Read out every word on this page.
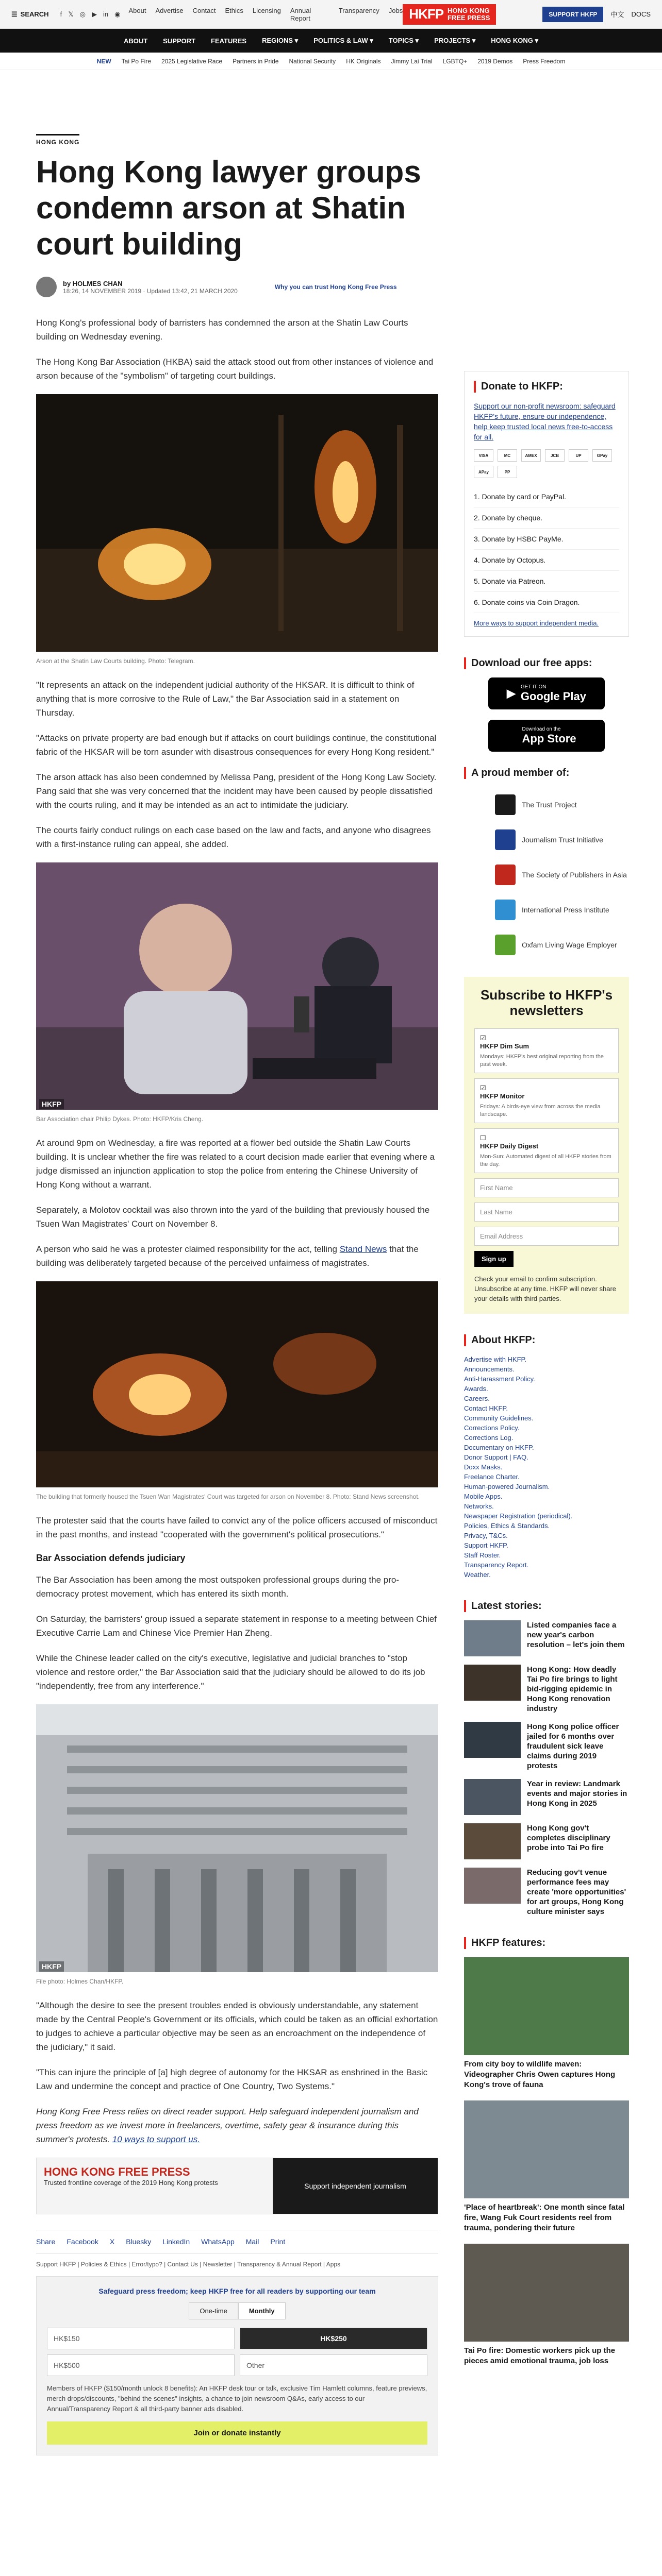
☰ SEARCH f 𝕏 ◎ ▶ in ◉ About Advertise Contact Ethics Licensing Annual Report
Transparency Jobs HKFP HONG KONG
FREE PRESS	SUPPORT HKFP	中文 DOCS
ABOUT SUPPORT FEATURES REGIONS ▾ POLITICS & LAW ▾ TOPICS ▾ PROJECTS ▾ HONG KONG ▾
NEW Tai Po Fire 2025 Legislative Race Partners in Pride National Security HK Originals Jimmy Lai Trial LGBTQ+ 2019 Demos Press Freedom
HONG KONG
Hong Kong lawyer groups condemn arson at Shatin court building
by HOLMES CHAN
18:26, 14 NOVEMBER 2019 · Updated 13:42, 21 MARCH 2020
Why you can trust Hong Kong Free Press

Hong Kong's professional body of barristers has condemned the arson at the Shatin Law Courts building on Wednesday evening.

The Hong Kong Bar Association (HKBA) said the attack stood out from other instances of violence and arson because of the "symbolism" of targeting court buildings.

Arson at the Shatin Law Courts building. Photo: Telegram.

"It represents an attack on the independent judicial authority of the HKSAR. It is difficult to think of anything that is more corrosive to the Rule of Law," the Bar Association said in a statement on Thursday.

"Attacks on private property are bad enough but if attacks on court buildings continue, the constitutional fabric of the HKSAR will be torn asunder with disastrous consequences for every Hong Kong resident."

The arson attack has also been condemned by Melissa Pang, president of the Hong Kong Law Society. Pang said that she was very concerned that the incident may have been caused by people dissatisfied with the courts ruling, and it may be intended as an act to intimidate the judiciary.

The courts fairly conduct rulings on each case based on the law and facts, and anyone who disagrees with a first-instance ruling can appeal, she added.

HKFP
Bar Association chair Philip Dykes. Photo: HKFP/Kris Cheng.

At around 9pm on Wednesday, a fire was reported at a flower bed outside the Shatin Law Courts building. It is unclear whether the fire was related to a court decision made earlier that evening where a judge dismissed an injunction application to stop the police from entering the Chinese University of Hong Kong without a warrant.

Separately, a Molotov cocktail was also thrown into the yard of the building that previously housed the Tsuen Wan Magistrates' Court on November 8.

A person who said he was a protester claimed responsibility for the act, telling Stand News that the building was deliberately targeted because of the perceived unfairness of magistrates.

The building that formerly housed the Tsuen Wan Magistrates' Court was targeted for arson on November 8. Photo: Stand News screenshot.

The protester said that the courts have failed to convict any of the police officers accused of misconduct in the past months, and instead "cooperated with the government's political prosecutions."

Bar Association defends judiciary

The Bar Association has been among the most outspoken professional groups during the pro-democracy protest movement, which has entered its sixth month.

On Saturday, the barristers' group issued a separate statement in response to a meeting between Chief Executive Carrie Lam and Chinese Vice Premier Han Zheng.

While the Chinese leader called on the city's executive, legislative and judicial branches to "stop violence and restore order," the Bar Association said that the judiciary should be allowed to do its job "independently, free from any interference."

HKFP
File photo: Holmes Chan/HKFP.

"Although the desire to see the present troubles ended is obviously understandable, any statement made by the Central People's Government or its officials, which could be taken as an official exhortation to judges to achieve a particular objective may be seen as an encroachment on the independence of the judiciary," it said.

"This can injure the principle of [a] high degree of autonomy for the HKSAR as enshrined in the Basic Law and undermine the concept and practice of One Country, Two Systems."

Hong Kong Free Press relies on direct reader support. Help safeguard independent journalism and press freedom as we invest more in freelancers, overtime, safety gear & insurance during this summer's protests. 10 ways to support us.

HONG KONG FREE PRESS
Trusted frontline coverage of the 2019 Hong Kong protests	Support independent journalism
Share Facebook X Bluesky LinkedIn WhatsApp Mail Print
Support HKFP | Policies & Ethics | Error/typo? | Contact Us | Newsletter | Transparency & Annual Report | Apps
Safeguard press freedom; keep HKFP free for all readers by supporting our team
One-time	Monthly
HK$150	HK$250
HK$500	Other
Members of HKFP ($150/month unlock 8 benefits): An HKFP desk tour or talk, exclusive Tim Hamlett columns, feature previews, merch drops/discounts, "behind the scenes" insights, a chance to join newsroom Q&As, early access to our Annual/Transparency Report & all third-party banner ads disabled.
Join or donate instantly
Donate to HKFP:

Support our non-profit newsroom: safeguard HKFP's future, ensure our independence, help keep trusted local news free-to-access for all.

VISA	MC	AMEX	JCB	UP	GPay
APay	PP
1. Donate by card or PayPal.
2. Donate by cheque.
3. Donate by HSBC PayMe.
4. Donate by Octopus.
5. Donate via Patreon.
6. Donate coins via Coin Dragon.
More ways to support independent media.
Download our free apps:
▶ GET IT ON
Google Play
Download on the
App Store
A proud member of:
The Trust Project
Journalism Trust Initiative
The Society of Publishers in Asia
International Press Institute
Oxfam Living Wage Employer
Subscribe to HKFP's newsletters
☑
HKFP Dim Sum
Mondays: HKFP's best original reporting from the past week.
☑
HKFP Monitor
Fridays: A birds-eye view from across the media landscape.
☐
HKFP Daily Digest
Mon-Sun: Automated digest of all HKFP stories from the day.
First Name
Last Name
Email Address
Sign up
Check your email to confirm subscription. Unsubscribe at any time. HKFP will never share your details with third parties.
About HKFP:
Advertise with HKFP.
Announcements.
Anti-Harassment Policy.
Awards.
Careers.
Contact HKFP.
Community Guidelines.
Corrections Policy.
Corrections Log.
Documentary on HKFP.
Donor Support | FAQ.
Doxx Masks.
Freelance Charter.
Human-powered Journalism.
Mobile Apps.
Networks.
Newspaper Registration (periodical).
Policies, Ethics & Standards.
Privacy, T&Cs.
Support HKFP.
Staff Roster.
Transparency Report.
Weather.
Latest stories:
Listed companies face a new year's carbon resolution – let's join them
Hong Kong: How deadly Tai Po fire brings to light bid-rigging epidemic in Hong Kong renovation industry
Hong Kong police officer jailed for 6 months over fraudulent sick leave claims during 2019 protests
Year in review: Landmark events and major stories in Hong Kong in 2025
Hong Kong gov't completes disciplinary probe into Tai Po fire
Reducing gov't venue performance fees may create 'more opportunities' for art groups, Hong Kong culture minister says
HKFP features:
From city boy to wildlife maven: Videographer Chris Owen captures Hong Kong's trove of fauna
'Place of heartbreak': One month since fatal fire, Wang Fuk Court residents reel from trauma, pondering their future
Tai Po fire: Domestic workers pick up the pieces amid emotional trauma, job loss
